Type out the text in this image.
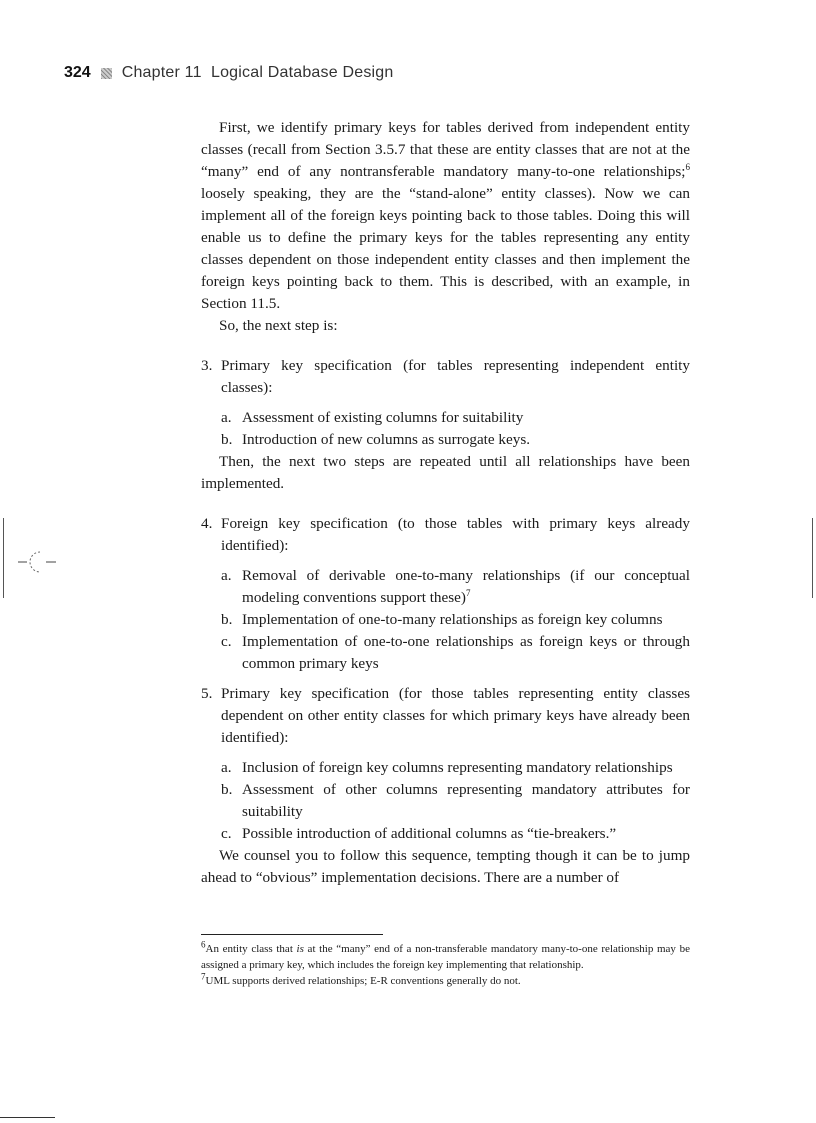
324 Chapter 11 Logical Database Design

First, we identify primary keys for tables derived from independent entity classes (recall from Section 3.5.7 that these are entity classes that are not at the “many” end of any nontransferable mandatory many-to-one relationships;$^6$ loosely speaking, they are the “stand-alone” entity classes). Now we can implement all of the foreign keys pointing back to those tables. Doing this will enable us to define the primary keys for the tables representing any entity classes dependent on those independent entity classes and then implement the foreign keys pointing back to them. This is described, with an example, in Section 11.5.

So, the next step is:

3. Primary key specification (for tables representing independent entity classes):
a. Assessment of existing columns for suitability
b. Introduction of new columns as surrogate keys.

Then, the next two steps are repeated until all relationships have been implemented.

4. Foreign key specification (to those tables with primary keys already identified):
a. Removal of derivable one-to-many relationships (if our conceptual modeling conventions support these)$^7$
b. Implementation of one-to-many relationships as foreign key columns
c. Implementation of one-to-one relationships as foreign keys or through common primary keys
5. Primary key specification (for those tables representing entity classes dependent on other entity classes for which primary keys have already been identified):
a. Inclusion of foreign key columns representing mandatory relationships
b. Assessment of other columns representing mandatory attributes for suitability
c. Possible introduction of additional columns as “tie-breakers.”

We counsel you to follow this sequence, tempting though it can be to jump ahead to “obvious” implementation decisions. There are a number of

$^6$An entity class that is at the “many” end of a non-transferable mandatory many-to-one relationship may be assigned a primary key, which includes the foreign key implementing that relationship.

$^7$UML supports derived relationships; E-R conventions generally do not.
